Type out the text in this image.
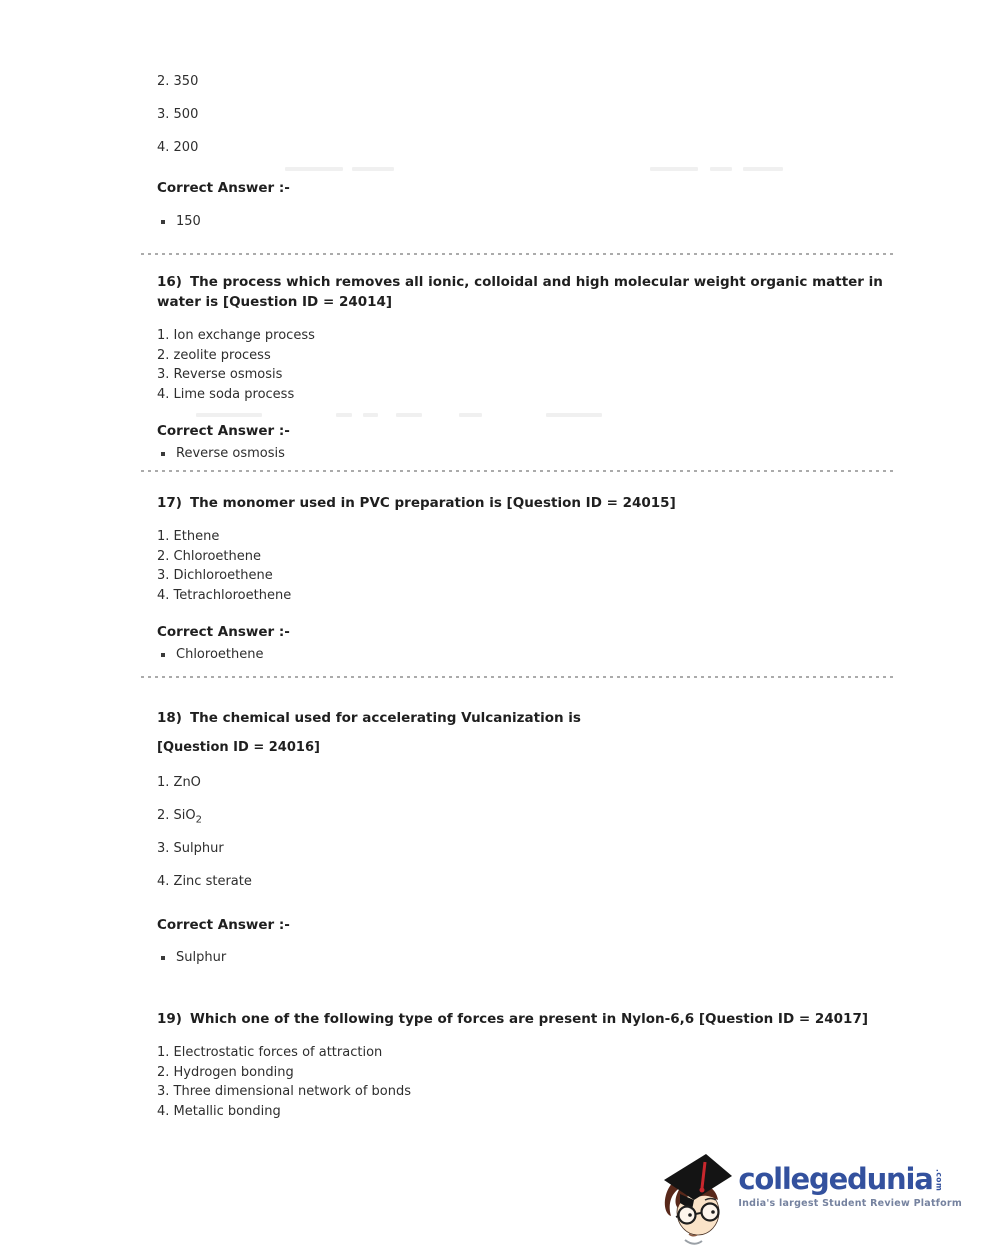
2. 350

3. 500

4. 200

Correct Answer :-

150

16) The process which removes all ionic, colloidal and high molecular weight organic matter in water is [Question ID = 24014]

1. Ion exchange process

2. zeolite process

3. Reverse osmosis

4. Lime soda process

Correct Answer :-

Reverse osmosis

17) The monomer used in PVC preparation is [Question ID = 24015]

1. Ethene

2. Chloroethene

3. Dichloroethene

4. Tetrachloroethene

Correct Answer :-

Chloroethene

18) The chemical used for accelerating Vulcanization is

[Question ID = 24016]

1. ZnO

2. SiO$_2$

3. Sulphur

4. Zinc sterate

Correct Answer :-

Sulphur

19) Which one of the following type of forces are present in Nylon-6,6 [Question ID = 24017]

1. Electrostatic forces of attraction

2. Hydrogen bonding

3. Three dimensional network of bonds

4. Metallic bonding

collegedunia .com
India's largest Student Review Platform
